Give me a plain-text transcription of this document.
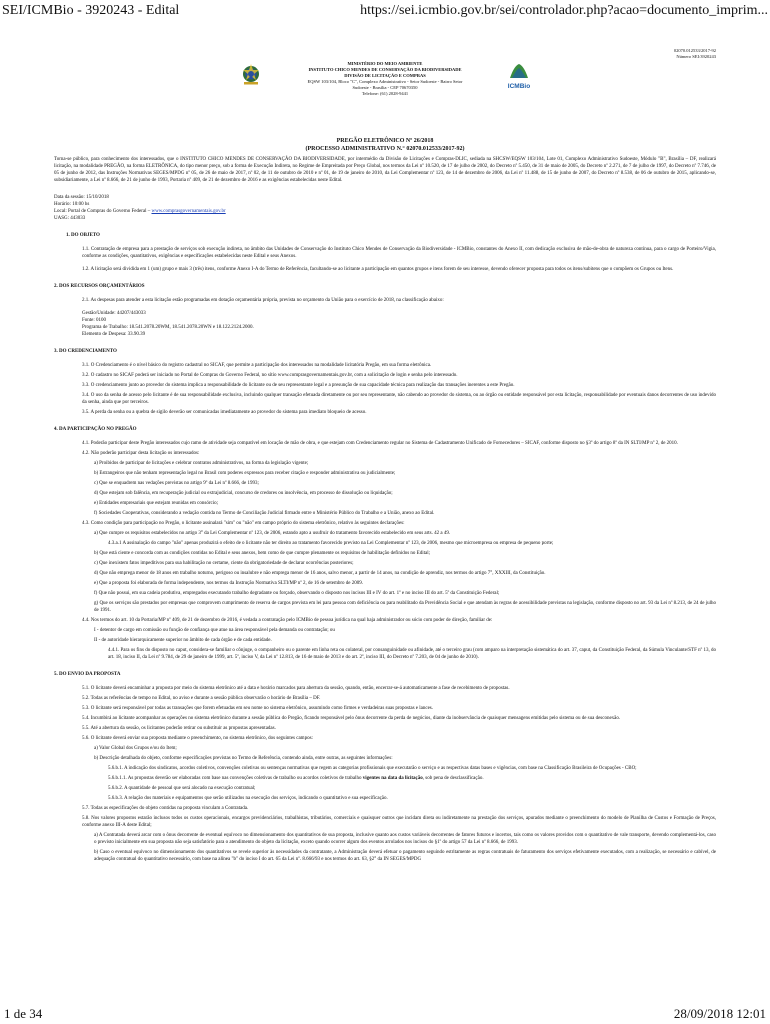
SEI/ICMBio - 3920243 - Edital	https://sei.icmbio.gov.br/sei/controlador.php?acao=documento_imprim...
02070.012533/2017-92
Número SEI:3920243
MINISTÉRIO DO MEIO AMBIENTE
INSTITUTO CHICO MENDES DE CONSERVAÇÃO DA BIODIVERSIDADE
DIVISÃO DE LICITAÇÃO E COMPRAS
EQSW 103/104, Bloco "C", Complexo Administrativo - Setor Sudoeste - Bairro Setor
Sudoeste - Brasília - CEP 70670350
Telefone: (61) 2028-9441
ICMBio
PREGÃO ELETRÔNICO Nº 26/2018
(PROCESSO ADMINISTRATIVO N.° 02070.012533/2017-92)

Torna-se público, para conhecimento dos interessados, que o INSTITUTO CHICO MENDES DE CONSERVAÇÃO DA BIODIVERSIDADE, por intermédio da Divisão de Licitações e Compras-DLIC, sediada na SHCSW/EQSW 103/104, Lote 01, Complexo Administrativo Sudoeste, Módulo "B", Brasília – DF, realizará licitação, na modalidade PREGÃO, na forma ELETRÔNICA, do tipo menor preço, sob a forma de Execução Indireta, no Regime de Empreitada por Preço Global, nos termos da Lei nº 10.520, de 17 de julho de 2002, do Decreto nº 5.450, de 31 de maio de 2005, do Decreto nº 2.271, de 7 de julho de 1997, do Decreto nº 7.746, de 05 de junho de 2012, das Instruções Normativas SEGES/MPDG nº 05, de 26 de maio de 2017, nº 02, de 11 de outubro de 2010 e nº 01, de 19 de janeiro de 2010, da Lei Complementar nº 123, de 14 de dezembro de 2006, da Lei nº 11.488, de 15 de junho de 2007, do Decreto nº 8.538, de 06 de outubro de 2015, aplicando-se, subsidiariamente, a Lei nº 8.666, de 21 de junho de 1993, Portaria nº 409, de 21 de dezembro de 2016 e as exigências estabelecidas neste Edital.

Data da sessão: 15/10/2018
Horário: 10:00 hs
Local: Portal de Compras do Governo Federal – www.comprasgovernamentais.gov.br
UASG: 443033
1. DO OBJETO

1.1. Contratação de empresa para a prestação de serviços sob execução indireta, no âmbito das Unidades de Conservação do Instituto Chico Mendes de Conservação da Biodiversidade - ICMBio, constantes do Anexo II, com dedicação exclusiva de mão-de-obra de natureza contínua, para o cargo de Porteiro/Vigia, conforme as condições, quantitativos, exigências e especificações estabelecidas neste Edital e seus Anexos.

1.2. A licitação será dividida em 1 (um) grupo e mais 3 (três) itens, conforme Anexo I-A do Termo de Referência, facultando-se ao licitante a participação em quantos grupos e itens forem de seu interesse, devendo oferecer proposta para todos os itens/subitens que o compõem os Grupos ou Itens.

2. DOS RECURSOS ORÇAMENTÁRIOS

2.1. As despesas para atender a esta licitação estão programadas em dotação orçamentária própria, prevista no orçamento da União para o exercício de 2018, na classificação abaixo:

Gestão/Unidade: 44207/443033
Fonte: 0100
Programa de Trabalho: 18.541.2078.20WM, 18.541.2078.20WN e 18.122.2124.2000.
Elemento de Despesa: 33.90.39
3. DO CREDENCIAMENTO

3.1. O Credenciamento é o nível básico do registro cadastral no SICAF, que permite a participação dos interessados na modalidade licitatória Pregão, em sua forma eletrônica.

3.2. O cadastro no SICAF poderá ser iniciado no Portal de Compras do Governo Federal, no sítio www.comprasgovernamentais.gov.br, com a solicitação de login e senha pelo interessado.

3.3. O credenciamento junto ao provedor do sistema implica a responsabilidade do licitante ou de seu representante legal e a presunção de sua capacidade técnica para realização das transações inerentes a este Pregão.

3.4. O uso da senha de acesso pelo licitante é de sua responsabilidade exclusiva, incluindo qualquer transação efetuada diretamente ou por seu representante, não cabendo ao provedor do sistema, ou ao órgão ou entidade responsável por esta licitação, responsabilidade por eventuais danos decorrentes de uso indevido da senha, ainda que por terceiros.

3.5. A perda da senha ou a quebra de sigilo deverão ser comunicadas imediatamente ao provedor do sistema para imediato bloqueio de acesso.

4. DA PARTICIPAÇÃO NO PREGÃO

4.1. Poderão participar deste Pregão interessados cujo ramo de atividade seja compatível em locação de mão de obra, e que estejam com Credenciamento regular no Sistema de Cadastramento Unificado de Fornecedores – SICAF, conforme disposto no §3º do artigo 8º da IN SLTI/MP nº 2, de 2010.

4.2. Não poderão participar desta licitação os interessados:

a) Proibidos de participar de licitações e celebrar contratos administrativos, na forma da legislação vigente;

b) Estrangeiros que não tenham representação legal no Brasil com poderes expressos para receber citação e responder administrativa ou judicialmente;

c) Que se enquadrem nas vedações previstas no artigo 9º da Lei nº 8.666, de 1993;

d) Que estejam sob falência, em recuperação judicial ou extrajudicial, concurso de credores ou insolvência, em processo de dissolução ou liquidação;

e) Entidades empresariais que estejam reunidas em consórcio;

f) Sociedades Cooperativas, considerando a vedação contida no Termo de Conciliação Judicial firmado entre o Ministério Público do Trabalho e a União, anexo ao Edital.

4.3. Como condição para participação no Pregão, o licitante assinalará "sim" ou "não" em campo próprio do sistema eletrônico, relativo às seguintes declarações:

a) Que cumpre os requisitos estabelecidos no artigo 3° da Lei Complementar nº 123, de 2006, estando apto a usufruir do tratamento favorecido estabelecido em seus arts. 42 a 49.

4.3.a.1 A assinalação do campo "não" apenas produzirá o efeito de o licitante não ter direito ao tratamento favorecido previsto na Lei Complementar nº 123, de 2006, mesmo que microempresa ou empresa de pequeno porte;

b) Que está ciente e concorda com as condições contidas no Edital e seus anexos, bem como de que cumpre plenamente os requisitos de habilitação definidos no Edital;

c) Que inexistem fatos impeditivos para sua habilitação no certame, ciente da obrigatoriedade de declarar ocorrências posteriores;

d) Que não emprega menor de 18 anos em trabalho noturno, perigoso ou insalubre e não emprega menor de 16 anos, salvo menor, a partir de 14 anos, na condição de aprendiz, nos termos do artigo 7°, XXXIII, da Constituição.

e) Que a proposta foi elaborada de forma independente, nos termos da Instrução Normativa SLTI/MP nº 2, de 16 de setembro de 2009.

f) Que não possui, em sua cadeia produtiva, empregados executando trabalho degradante ou forçado, observando o disposto nos incisos III e IV do art. 1º e no inciso III do art. 5º da Constituição Federal;

g) Que os serviços são prestados por empresas que comprovem cumprimento de reserva de cargos prevista em lei para pessoa com deficiência ou para reabilitado da Previdência Social e que atendam às regras de acessibilidade previstas na legislação, conforme disposto no art. 93 da Lei nº 8.213, de 24 de julho de 1991.

4.4. Nos termos do art. 10 da Portaria/MP nº 409, de 21 de dezembro de 2016, é vedada a contratação pelo ICMBio de pessoa jurídica na qual haja administrador ou sócio com poder de direção, familiar de:

I - detentor de cargo em comissão ou função de confiança que atue na área responsável pela demanda ou contratação; ou

II - de autoridade hierarquicamente superior no âmbito de cada órgão e de cada entidade.

4.4.1. Para os fins do disposto no caput, considera-se familiar o cônjuge, o companheiro ou o parente em linha reta ou colateral, por consanguinidade ou afinidade, até o terceiro grau (com amparo na interpretação sistemática do art. 37, caput, da Constituição Federal, da Súmula Vinculante/STF nº 13, do art. 18, inciso II, da Lei nº 9.784, de 29 de janeiro de 1999, art. 5º, inciso V, da Lei nº 12.813, de 16 de maio de 2013 e do art. 2º, inciso III, do Decreto nº 7.203, de 04 de junho de 2010).

5. DO ENVIO DA PROPOSTA

5.1. O licitante deverá encaminhar a proposta por meio do sistema eletrônico até a data e horário marcados para abertura da sessão, quando, então, encerrar-se-á automaticamente a fase de recebimento de propostas.

5.2. Todas as referências de tempo no Edital, no aviso e durante a sessão pública observarão o horário de Brasília – DF.

5.3. O licitante será responsável por todas as transações que forem efetuadas em seu nome no sistema eletrônico, assumindo como firmes e verdadeiras suas propostas e lances.

5.4. Incumbirá ao licitante acompanhar as operações no sistema eletrônico durante a sessão pública do Pregão, ficando responsável pelo ônus decorrente da perda de negócios, diante da inobservância de quaisquer mensagens emitidas pelo sistema ou de sua desconexão.

5.5. Até a abertura da sessão, os licitantes poderão retirar ou substituir as propostas apresentadas.

5.6. O licitante deverá enviar sua proposta mediante o preenchimento, no sistema eletrônico, dos seguintes campos:

a) Valor Global dos Grupos e/ou do Item;

b) Descrição detalhada do objeto, conforme especificações previstas no Termo de Referência, contendo ainda, entre outras, as seguintes informações:

5.6.b.1. A indicação dos sindicatos, acordos coletivos, convenções coletivas ou sentenças normativas que regem as categorias profissionais que executarão o serviço e as respectivas datas bases e vigências, com base na Classificação Brasileira de Ocupações - CBO;

5.6.b.1.1. As propostas deverão ser elaboradas com base nas convenções coletivas de trabalho ou acordos coletivos de trabalho vigentes na data da licitação, sob pena de desclassificação.

5.6.b.2. A quantidade de pessoal que será alocado na execução contratual;

5.6.b.3. A relação dos materiais e equipamentos que serão utilizados na execução dos serviços, indicando o quantitativo e sua especificação.

5.7. Todas as especificações do objeto contidas na proposta vinculam a Contratada.

5.8. Nos valores propostos estarão inclusos todos os custos operacionais, encargos previdenciários, trabalhistas, tributários, comerciais e quaisquer outros que incidam direta ou indiretamente na prestação dos serviços, apurados mediante o preenchimento do modelo de Planilha de Custos e Formação de Preços, conforme anexo III-A deste Edital;

a) A Contratada deverá arcar com o ônus decorrente de eventual equívoco no dimensionamento dos quantitativos de sua proposta, inclusive quanto aos custos variáveis decorrentes de fatores futuros e incertos, tais como os valores providos com o quantitativo de vale transporte, devendo complementá-los, caso o previsto inicialmente em sua proposta não seja satisfatório para o atendimento do objeto da licitação, exceto quando ocorrer algum dos eventos arrolados nos incisos do §1º do artigo 57 da Lei nº 8.666, de 1993.

b) Caso o eventual equívoco no dimensionamento dos quantitativos se revele superior às necessidades da contratante, a Administração deverá efetuar o pagamento seguindo estritamente as regras contratuais de faturamento dos serviços efetivamente executados, com a realização, se necessário e cabível, de adequação contratual do quantitativo necessário, com base na alínea "b" do inciso I do art. 65 da Lei nº. 8.666/93 e nos termos do art. 63, §2° da IN SEGES/MPDG

1 de 34	28/09/2018 12:01
